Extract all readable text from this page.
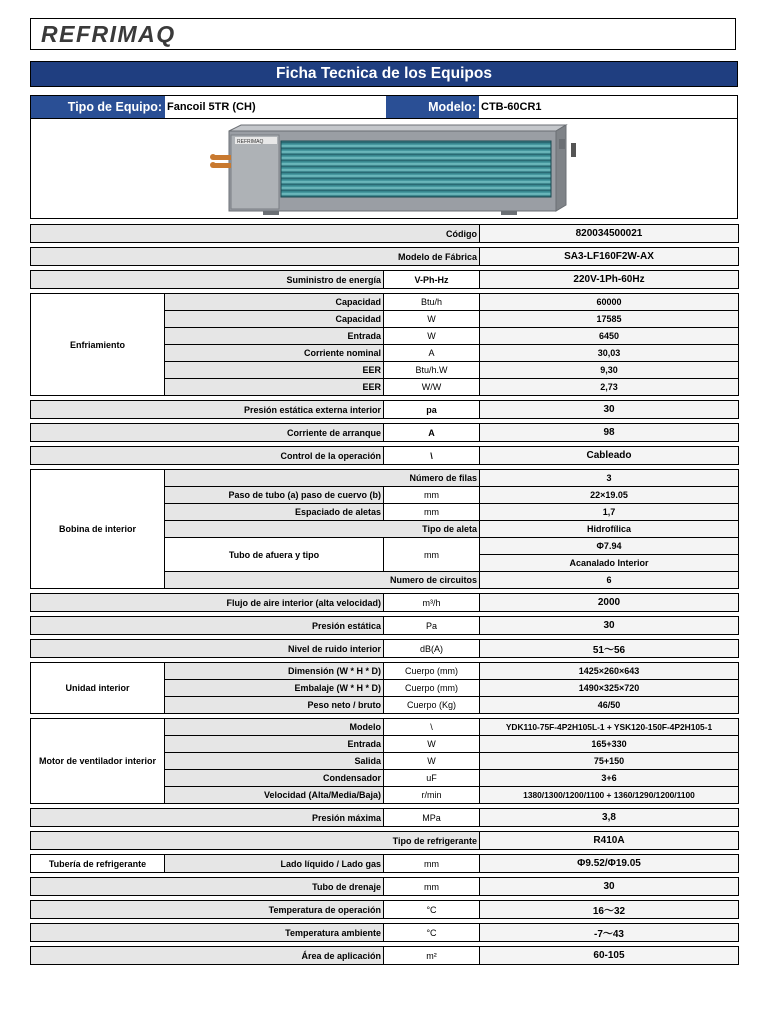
REFRIMAQ
Ficha Tecnica de los Equipos
Tipo de Equipo: Fancoil 5TR (CH)	Modelo: CTB-60CR1
REFRIMAQ
Código			820034500021

Modelo de Fábrica			SA3-LF160F2W-AX

Suministro de energía		V-Ph-Hz	220V-1Ph-60Hz

Enfriamiento	Capacidad	Btu/h	60000
	Capacidad	W	17585
	Entrada	W	6450
	Corriente nominal	A	30,03
	EER	Btu/h.W	9,30
	EER	W/W	2,73

Presión estática externa interior		pa	30

Corriente de arranque		A	98

Control de la operación		\	Cableado

Bobina de interior	Número de filas		3
	Paso de tubo (a) paso de cuervo (b)	mm	22×19.05
	Espaciado de aletas	mm	1,7
	Tipo de aleta		Hidrofílica
	Tubo de afuera y tipo	mm	Φ7.94
			Acanalado Interior
	Numero de circuitos		6

Flujo de aire interior (alta velocidad)		m³/h	2000

Presión estática		Pa	30

Nivel de ruido interior		dB(A)	51～56

Unidad interior	Dimensión (W * H * D)	Cuerpo (mm)	1425×260×643
	Embalaje (W * H * D)	Cuerpo (mm)	1490×325×720
	Peso neto / bruto	Cuerpo (Kg)	46/50

Motor de ventilador interior	Modelo	\	YDK110-75F-4P2H105L-1 + YSK120-150F-4P2H105-1
	Entrada	W	165+330
	Salida	W	75+150
	Condensador	uF	3+6
	Velocidad (Alta/Media/Baja)	r/min	1380/1300/1200/1100 + 1360/1290/1200/1100

Presión máxima		MPa	3,8

Tipo de refrigerante			R410A

Tubería de refrigerante	Lado líquido / Lado gas	mm	Φ9.52/Φ19.05

Tubo de drenaje		mm	30

Temperatura de operación		°C	16～32

Temperatura ambiente		°C	-7～43

Área de aplicación		m²	60-105
